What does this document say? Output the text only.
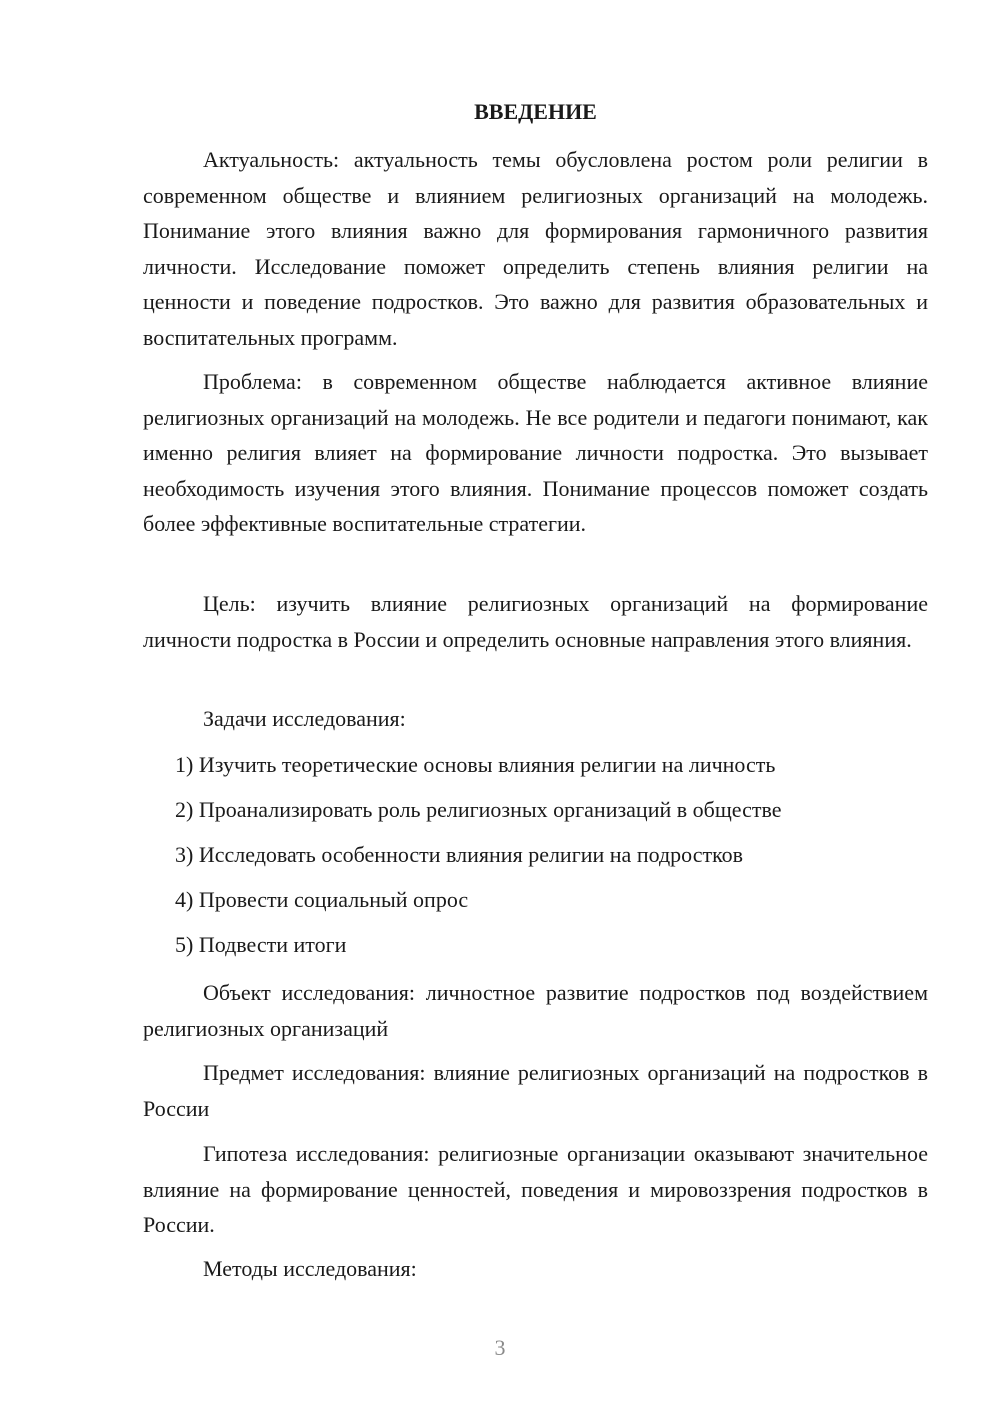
ВВЕДЕНИЕ

Актуальность: актуальность темы обусловлена ростом роли религии в современном обществе и влиянием религиозных организаций на молодежь. Понимание этого влияния важно для формирования гармоничного развития личности. Исследование поможет определить степень влияния религии на ценности и поведение подростков. Это важно для развития образовательных и воспитательных программ.

Проблема: в современном обществе наблюдается активное влияние религиозных организаций на молодежь. Не все родители и педагоги понимают, как именно религия влияет на формирование личности подростка. Это вызывает необходимость изучения этого влияния. Понимание процессов поможет создать более эффективные воспитательные стратегии.

Цель: изучить влияние религиозных организаций на формирование личности подростка в России и определить основные направления этого влияния.

Задачи исследования:

1) Изучить теоретические основы влияния религии на личность

2) Проанализировать роль религиозных организаций в обществе

3) Исследовать особенности влияния религии на подростков

4) Провести социальный опрос

5) Подвести итоги

Объект исследования: личностное развитие подростков под воздействием религиозных организаций

Предмет исследования: влияние религиозных организаций на подростков в России

Гипотеза исследования: религиозные организации оказывают значительное влияние на формирование ценностей, поведения и мировоззрения подростков в России.

Методы исследования:

3
